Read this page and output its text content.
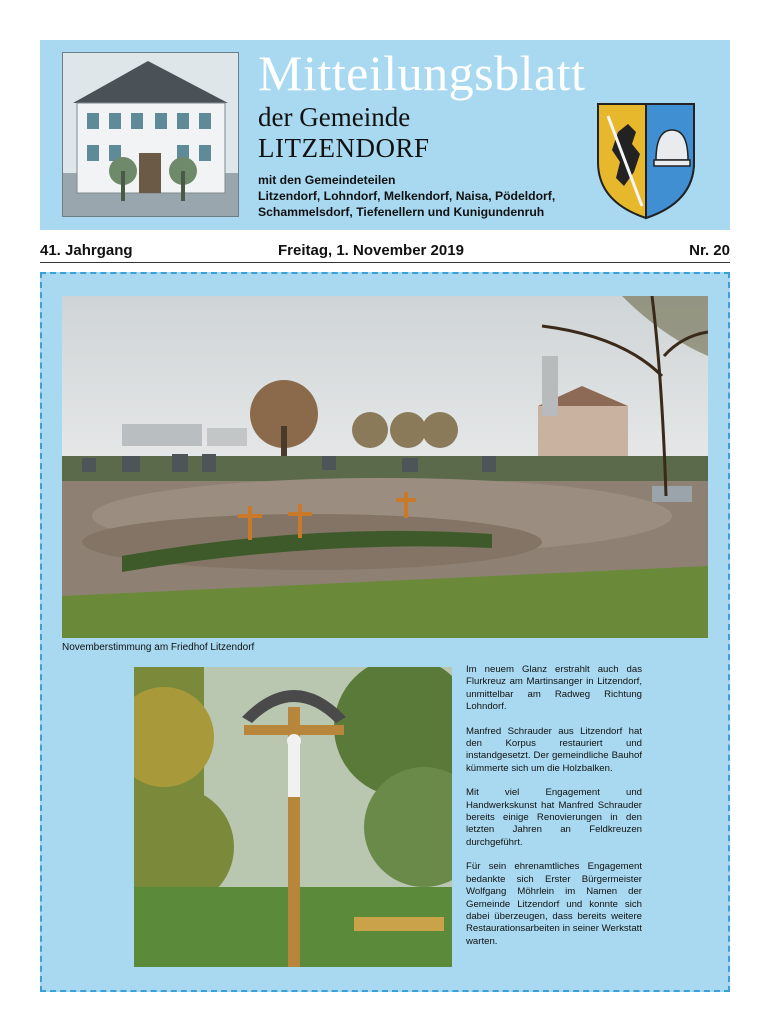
Mitteilungsblatt
der Gemeinde
LITZENDORF
mit den Gemeindeteilen
Litzendorf, Lohndorf, Melkendorf, Naisa, Pödeldorf,
Schammelsdorf, Tiefenellern und Kunigundenruh
41. Jahrgang	Freitag, 1. November 2019	Nr. 20
Novemberstimmung am Friedhof Litzendorf

Im neuem Glanz erstrahlt auch das Flurkreuz am Martinsanger in Litzendorf, unmittelbar am Radweg Richtung Lohndorf.

Manfred Schrauder aus Litzendorf hat den Korpus restauriert und instandgesetzt. Der gemeindliche Bauhof kümmerte sich um die Holzbalken.

Mit viel Engagement und Handwerkskunst hat Manfred Schrauder bereits einige Renovierungen in den letzten Jahren an Feldkreuzen durchgeführt.

Für sein ehrenamtliches Engagement bedankte sich Erster Bürgermeister Wolfgang Möhrlein im Namen der Gemeinde Litzendorf und konnte sich dabei überzeugen, dass bereits weitere Restaurationsarbeiten in seiner Werkstatt warten.
